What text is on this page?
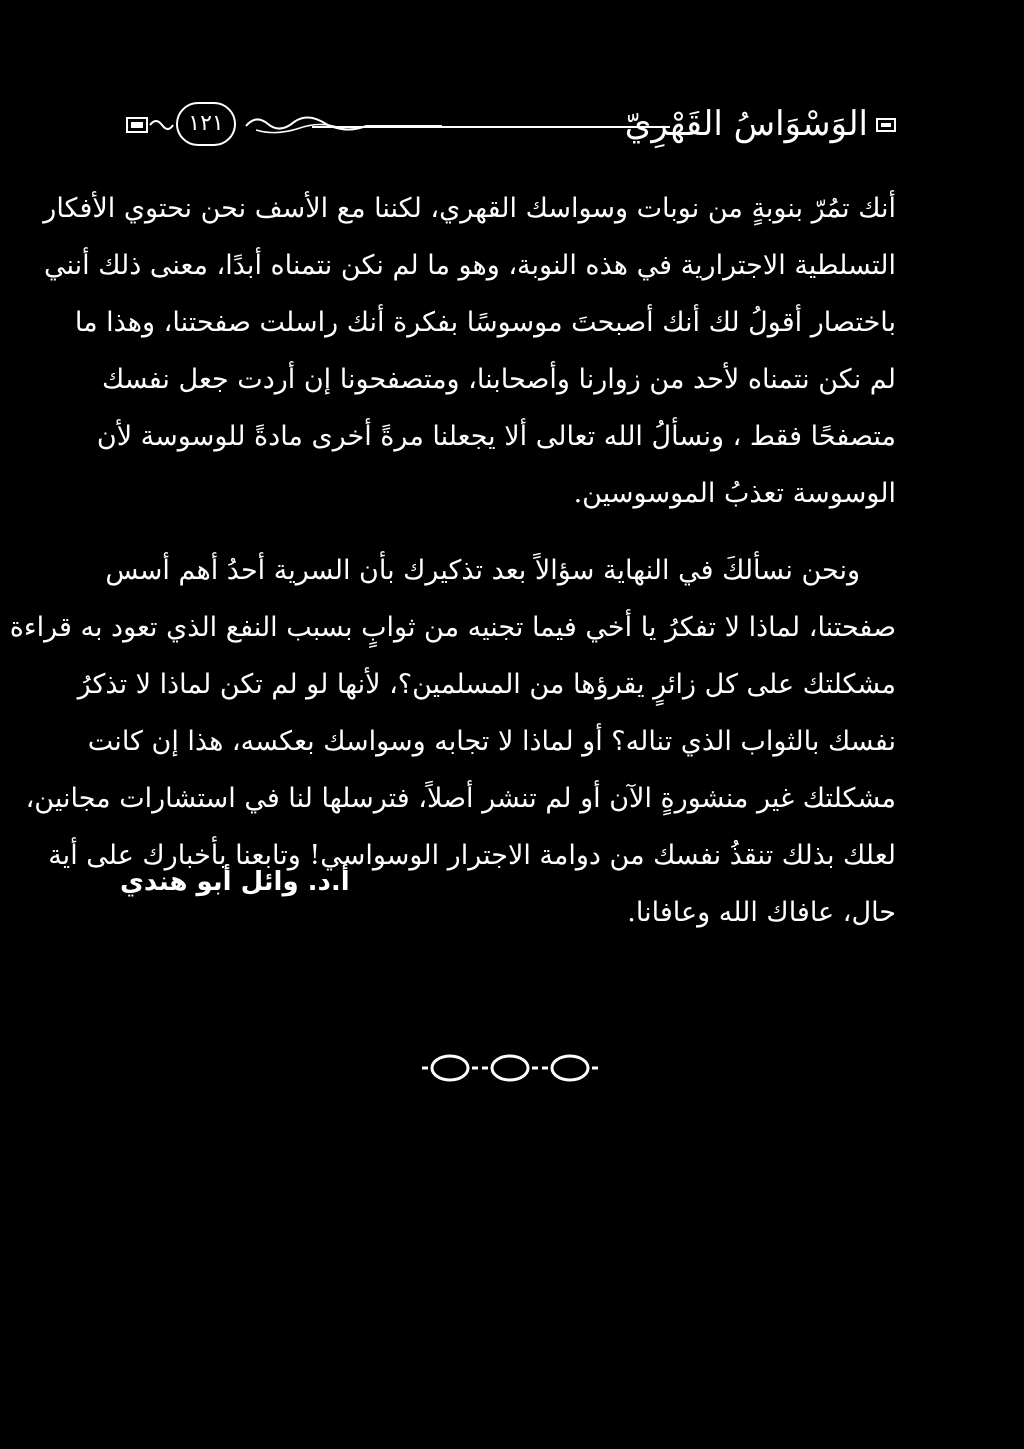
١٢١	الوَسْوَاسُ القَهْرِيّ
أنك تمُرّ بنوبةٍ من نوبات وسواسك القهري، لكننا مع الأسف نحن نحتوي الأفكار
التسلطية الاجترارية في هذه النوبة، وهو ما لم نكن نتمناه أبدًا، معنى ذلك أنني
باختصار أقولُ لك أنك أصبحتَ موسوسًا بفكرة أنك راسلت صفحتنا، وهذا ما
لم نكن نتمناه لأحد من زوارنا وأصحابنا، ومتصفحونا إن أردت جعل نفسك
متصفحًا فقط ، ونسألُ الله تعالى ألا يجعلنا مرةً أخرى مادةً للوسوسة لأن
الوسوسة تعذبُ الموسوسين.
ونحن نسألكَ في النهاية سؤالاً بعد تذكيرك بأن السرية أحدُ أهم أسس
صفحتنا، لماذا لا تفكرُ يا أخي فيما تجنيه من ثوابٍ بسبب النفع الذي تعود به قراءة
مشكلتك على كل زائرٍ يقرؤها من المسلمين؟، لأنها لو لم تكن لماذا لا تذكرُ
نفسك بالثواب الذي تناله؟ أو لماذا لا تجابه وسواسك بعكسه، هذا إن كانت
مشكلتك غير منشورةٍ الآن أو لم تنشر أصلاً، فترسلها لنا في استشارات مجانين،
لعلك بذلك تنقذُ نفسك من دوامة الاجترار الوسواسي! وتابعنا بأخبارك على أية
حال، عافاك الله وعافانا.
أ.د. وائل أبو هندي
